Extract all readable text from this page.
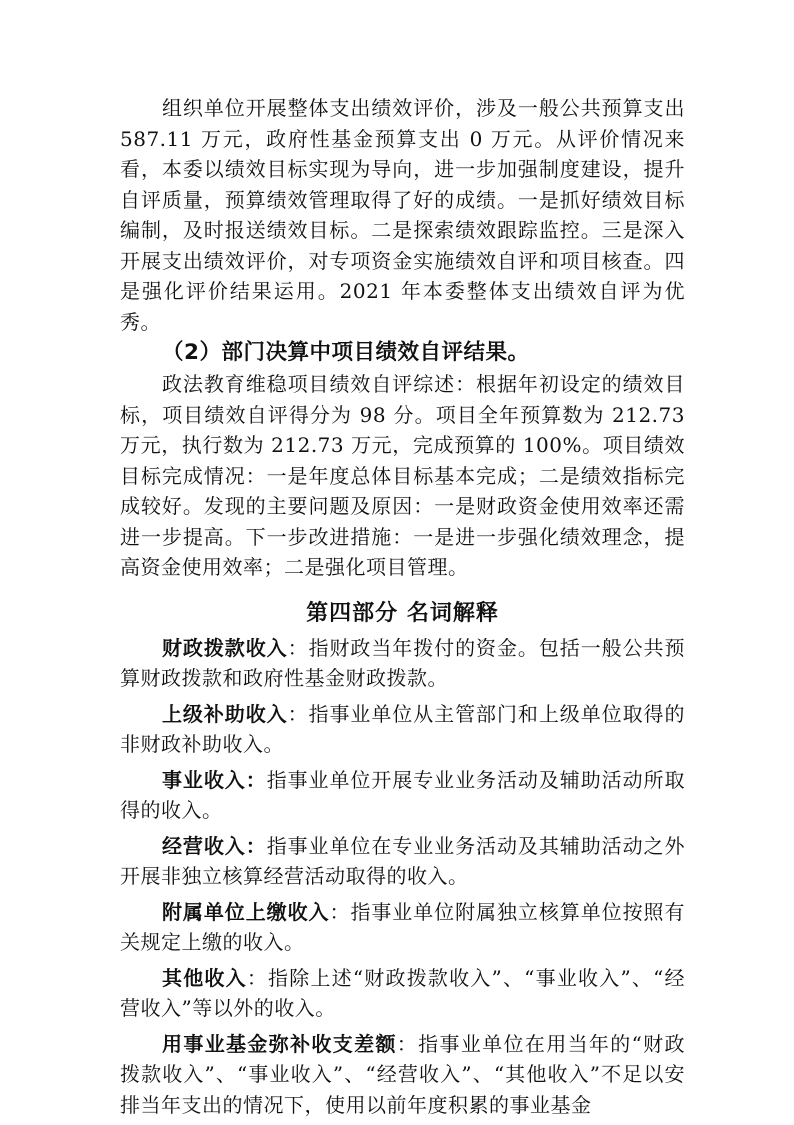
组织单位开展整体支出绩效评价，涉及一般公共预算支出 587.11 万元，政府性基金预算支出 0 万元。从评价情况来看，本委以绩效目标实现为导向，进一步加强制度建设，提升自评质量，预算绩效管理取得了好的成绩。一是抓好绩效目标编制，及时报送绩效目标。二是探索绩效跟踪监控。三是深入开展支出绩效评价，对专项资金实施绩效自评和项目核查。四是强化评价结果运用。2021 年本委整体支出绩效自评为优秀。

（2）部门决算中项目绩效自评结果。

政法教育维稳项目绩效自评综述：根据年初设定的绩效目标，项目绩效自评得分为 98 分。项目全年预算数为 212.73 万元，执行数为 212.73 万元，完成预算的 100%。项目绩效目标完成情况：一是年度总体目标基本完成；二是绩效指标完成较好。发现的主要问题及原因：一是财政资金使用效率还需进一步提高。下一步改进措施：一是进一步强化绩效理念，提高资金使用效率；二是强化项目管理。

第四部分 名词解释

财政拨款收入：指财政当年拨付的资金。包括一般公共预算财政拨款和政府性基金财政拨款。

上级补助收入：指事业单位从主管部门和上级单位取得的非财政补助收入。

事业收入：指事业单位开展专业业务活动及辅助活动所取得的收入。

经营收入：指事业单位在专业业务活动及其辅助活动之外开展非独立核算经营活动取得的收入。

附属单位上缴收入：指事业单位附属独立核算单位按照有关规定上缴的收入。

其他收入：指除上述“财政拨款收入”、“事业收入”、“经营收入”等以外的收入。

用事业基金弥补收支差额：指事业单位在用当年的“财政拨款收入”、“事业收入”、“经营收入”、“其他收入”不足以安排当年支出的情况下，使用以前年度积累的事业基金
